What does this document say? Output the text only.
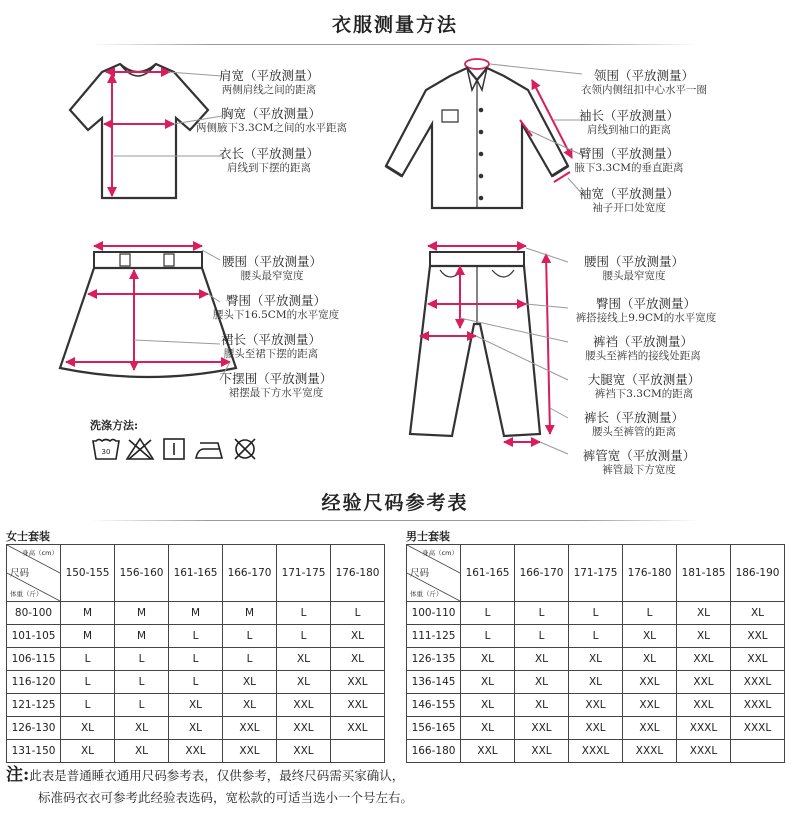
衣服测量方法
肩宽（平放测量）
两侧肩线之间的距离
胸宽（平放测量）
两侧腋下3.3CM之间的水平距离
衣长（平放测量）
肩线到下摆的距离
领围（平放测量）
衣领内侧纽扣中心水平一圈
袖长（平放测量）
肩线到袖口的距离
臂围（平放测量）
腋下3.3CM的垂直距离
袖宽（平放测量）
袖子开口处宽度
腰围（平放测量）
腰头最窄宽度
臀围（平放测量）
腰头下16.5CM的水平宽度
裙长（平放测量）
腰头至裙下摆的距离
下摆围（平放测量）
裙摆最下方水平宽度
腰围（平放测量）
腰头最窄宽度
臀围（平放测量）
裤搭接线上9.9CM的水平宽度
裤裆（平放测量）
腰头至裤裆的接线处距离
大腿宽（平放测量）
裤裆下3.3CM的距离
裤长（平放测量）
腰头至裤管的距离
裤管宽（平放测量）
裤管最下方宽度
洗涤方法:
30
经验尺码参考表
女士套装
身高（cm）
尺码
体重（斤）	150-155	156-160	161-165	166-170	171-175	176-180
80-100	M	M	M	M	L	L
101-105	M	M	L	L	L	XL
106-115	L	L	L	L	XL	XL
116-120	L	L	L	XL	XL	XXL
121-125	L	L	XL	XL	XXL	XXL
126-130	XL	XL	XL	XXL	XXL	XXL
131-150	XL	XL	XXL	XXL	XXL	
男士套装
身高（cm）
尺码
体重（斤）	161-165	166-170	171-175	176-180	181-185	186-190
100-110	L	L	L	L	XL	XL
111-125	L	L	L	XL	XL	XXL
126-135	XL	XL	XL	XL	XXL	XXL
136-145	XL	XL	XL	XXL	XXL	XXXL
146-155	XL	XL	XXL	XXL	XXL	XXXL
156-165	XL	XXL	XXL	XXL	XXXL	XXXL
166-180	XXL	XXL	XXXL	XXXL	XXXL	
注:此表是普通睡衣通用尺码参考表，仅供参考，最终尺码需买家确认，
标准码衣衣可参考此经验表选码，宽松款的可适当选小一个号左右。
